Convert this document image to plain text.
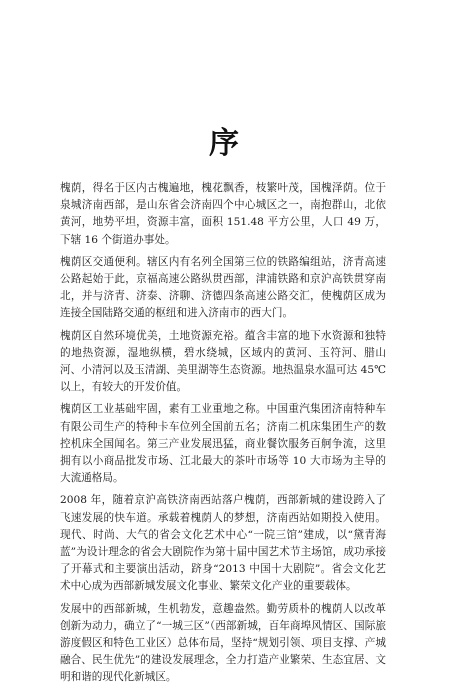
序

槐荫，得名于区内古槐遍地，槐花飘香，枝繁叶茂，国槐泽荫。位于泉城济南西部，是山东省会济南四个中心城区之一，南抱群山，北依黄河，地势平坦，资源丰富，面积 151.48 平方公里，人口 49 万，下辖 16 个街道办事处。

槐荫区交通便利。辖区内有名列全国第三位的铁路编组站，济青高速公路起始于此，京福高速公路纵贯西部，津浦铁路和京沪高铁贯穿南北，并与济青、济泰、济聊、济德四条高速公路交汇，使槐荫区成为连接全国陆路交通的枢纽和进入济南市的西大门。

槐荫区自然环境优美，土地资源充裕。蕴含丰富的地下水资源和独特的地热资源，湿地纵横，碧水绕城，区域内的黄河、玉符河、腊山河、小清河以及玉清湖、美里湖等生态资源。地热温泉水温可达 45℃以上，有较大的开发价值。

槐荫区工业基础牢固，素有工业重地之称。中国重汽集团济南特种车有限公司生产的特种卡车位列全国前五名；济南二机床集团生产的数控机床全国闻名。第三产业发展迅猛，商业餐饮服务百舸争流，这里拥有以小商品批发市场、江北最大的茶叶市场等 10 大市场为主导的大流通格局。

2008 年，随着京沪高铁济南西站落户槐荫，西部新城的建设跨入了飞速发展的快车道。承载着槐荫人的梦想，济南西站如期投入使用。现代、时尚、大气的省会文化艺术中心“一院三馆”建成，以“黛青海蓝”为设计理念的省会大剧院作为第十届中国艺术节主场馆，成功承接了开幕式和主要演出活动，跻身“2013 中国十大剧院”。省会文化艺术中心成为西部新城发展文化事业、繁荣文化产业的重要载体。

发展中的西部新城，生机勃发，意趣盎然。勤劳质朴的槐荫人以改革创新为动力，确立了“一城三区”（西部新城，百年商埠风情区、国际旅游度假区和特色工业区）总体布局，坚持“规划引领、项目支撑、产城融合、民生优先”的建设发展理念，全力打造产业繁荣、生态宜居、文明和谐的现代化新城区。
